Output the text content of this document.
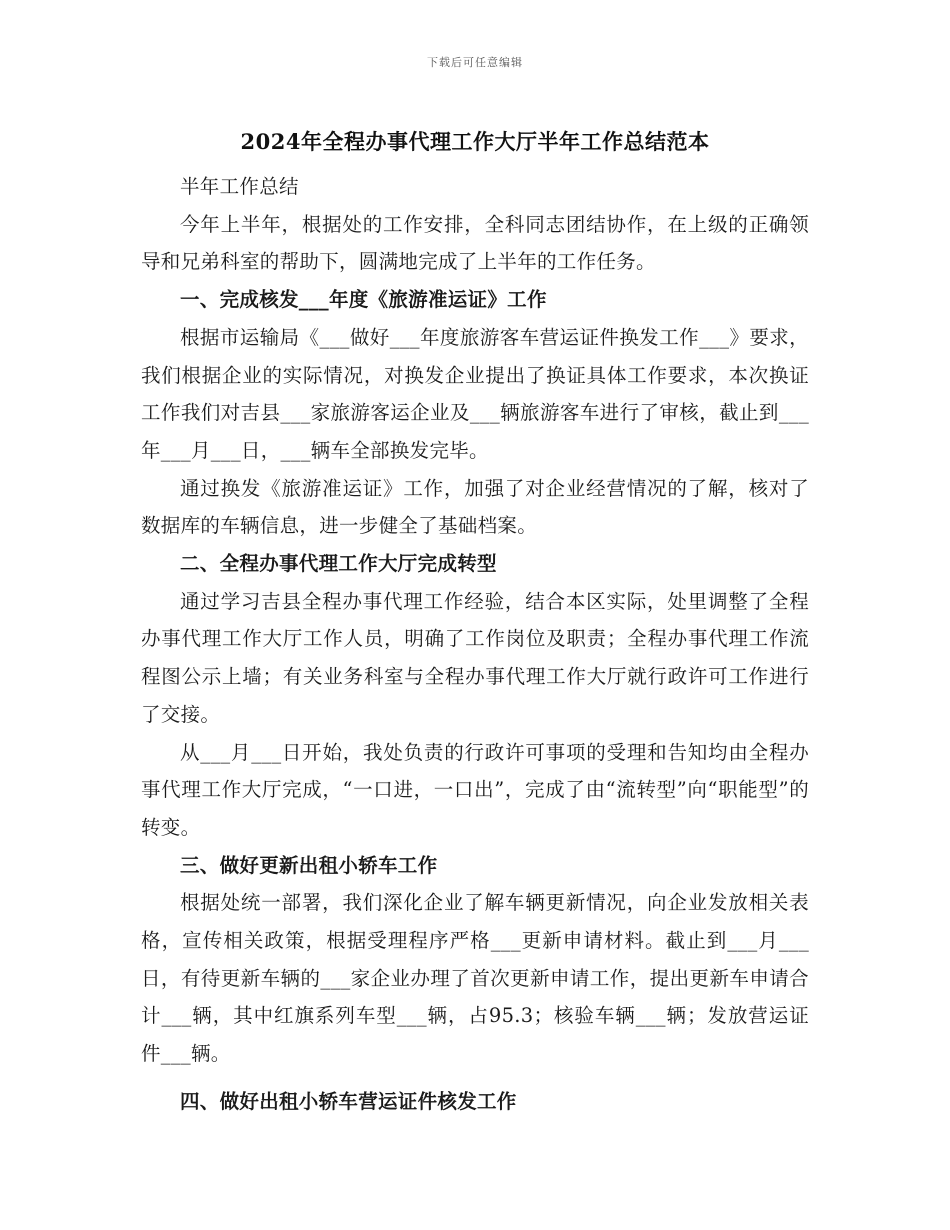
下载后可任意编辑
2024年全程办事代理工作大厅半年工作总结范本

半年工作总结

今年上半年，根据处的工作安排，全科同志团结协作，在上级的正确领导和兄弟科室的帮助下，圆满地完成了上半年的工作任务。

一、完成核发___年度《旅游准运证》工作

根据市运输局《___做好___年度旅游客车营运证件换发工作___》要求，我们根据企业的实际情况，对换发企业提出了换证具体工作要求，本次换证工作我们对吉县___家旅游客运企业及___辆旅游客车进行了审核，截止到___年___月___日，___辆车全部换发完毕。

通过换发《旅游准运证》工作，加强了对企业经营情况的了解，核对了数据库的车辆信息，进一步健全了基础档案。

二、全程办事代理工作大厅完成转型

通过学习吉县全程办事代理工作经验，结合本区实际，处里调整了全程办事代理工作大厅工作人员，明确了工作岗位及职责；全程办事代理工作流程图公示上墙；有关业务科室与全程办事代理工作大厅就行政许可工作进行了交接。

从___月___日开始，我处负责的行政许可事项的受理和告知均由全程办事代理工作大厅完成，“一口进，一口出”，完成了由“流转型”向“职能型”的转变。

三、做好更新出租小轿车工作

根据处统一部署，我们深化企业了解车辆更新情况，向企业发放相关表格，宣传相关政策，根据受理程序严格___更新申请材料。截止到___月___日，有待更新车辆的___家企业办理了首次更新申请工作，提出更新车申请合计___辆，其中红旗系列车型___辆，占95.3；核验车辆___辆；发放营运证件___辆。

四、做好出租小轿车营运证件核发工作
